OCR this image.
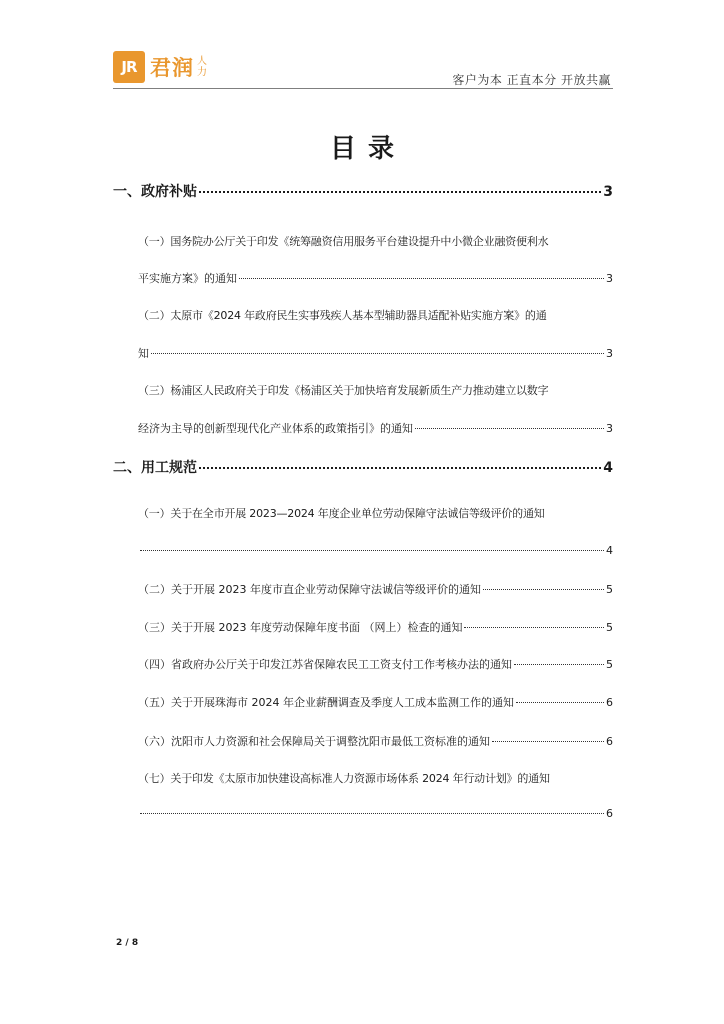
JR 君润 人力
客户为本 正直本分 开放共赢
目录
一、政府补贴	3
（一）国务院办公厅关于印发《统筹融资信用服务平台建设提升中小微企业融资便利水
平实施方案》的通知	3
（二）太原市《2024 年政府民生实事残疾人基本型辅助器具适配补贴实施方案》的通
知	3
（三）杨浦区人民政府关于印发《杨浦区关于加快培育发展新质生产力推动建立以数字
经济为主导的创新型现代化产业体系的政策指引》的通知	3
二、用工规范	4
（一）关于在全市开展 2023—2024 年度企业单位劳动保障守法诚信等级评价的通知
4
（二）关于开展 2023 年度市直企业劳动保障守法诚信等级评价的通知	5
（三）关于开展 2023 年度劳动保障年度书面 （网上）检查的通知	5
（四）省政府办公厅关于印发江苏省保障农民工工资支付工作考核办法的通知	5
（五）关于开展珠海市 2024 年企业薪酬调查及季度人工成本监测工作的通知	6
（六）沈阳市人力资源和社会保障局关于调整沈阳市最低工资标准的通知	6
（七）关于印发《太原市加快建设高标准人力资源市场体系 2024 年行动计划》的通知
6
2 / 8
